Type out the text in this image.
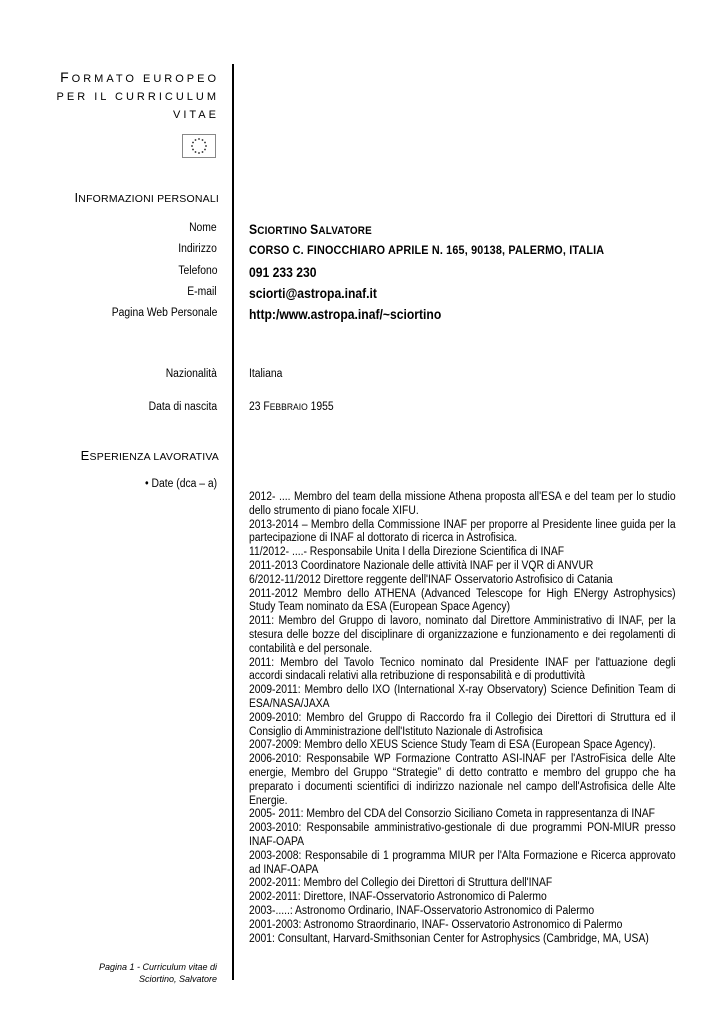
FORMATO EUROPEO
PER IL CURRICULUM
VITAE
INFORMAZIONI PERSONALI
Nome SCIORTINO SALVATORE
Indirizzo	CORSO C. FINOCCHIARO APRILE N. 165, 90138, PALERMO, ITALIA
Telefono 091 233 230
E-mail sciorti@astropa.inaf.it
Pagina Web Personale http:/www.astropa.inaf/~sciortino
Nazionalità	Italiana
Data di nascita	23 FEBBRAIO 1955
ESPERIENZA LAVORATIVA
• Date (dca – a)

2012- .... Membro del team della missione Athena proposta all'ESA e del team per lo studio dello strumento di piano focale XIFU.

2013-2014 – Membro della Commissione INAF per proporre al Presidente linee guida per la partecipazione di INAF al dottorato di ricerca in Astrofisica.

11/2012- ....- Responsabile Unita I della Direzione Scientifica di INAF

2011-2013 Coordinatore Nazionale delle attività INAF per il VQR di ANVUR

6/2012-11/2012 Direttore reggente dell'INAF Osservatorio Astrofisico di Catania

2011-2012 Membro dello ATHENA (Advanced Telescope for High ENergy Astrophysics) Study Team nominato da ESA (European Space Agency)

2011: Membro del Gruppo di lavoro, nominato dal Direttore Amministrativo di INAF, per la stesura delle bozze del disciplinare di organizzazione e funzionamento e dei regolamenti di contabilità e del personale.

2011: Membro del Tavolo Tecnico nominato dal Presidente INAF per l'attuazione degli accordi sindacali relativi alla retribuzione di responsabilità e di produttività

2009-2011: Membro dello IXO (International X-ray Observatory) Science Definition Team di ESA/NASA/JAXA

2009-2010: Membro del Gruppo di Raccordo fra il Collegio dei Direttori di Struttura ed il Consiglio di Amministrazione dell'Istituto Nazionale di Astrofisica

2007-2009: Membro dello XEUS Science Study Team di ESA (European Space Agency).

2006-2010: Responsabile WP Formazione Contratto ASI-INAF per l'AstroFisica delle Alte energie, Membro del Gruppo “Strategie” di detto contratto e membro del gruppo che ha preparato i documenti scientifici di indirizzo nazionale nel campo dell'Astrofisica delle Alte Energie.

2005- 2011: Membro del CDA del Consorzio Siciliano Cometa in rappresentanza di INAF

2003-2010: Responsabile amministrativo-gestionale di due programmi PON-MIUR presso INAF-OAPA

2003-2008: Responsabile di 1 programma MIUR per l'Alta Formazione e Ricerca approvato ad INAF-OAPA

2002-2011: Membro del Collegio dei Direttori di Struttura dell'INAF

2002-2011: Direttore, INAF-Osservatorio Astronomico di Palermo

2003-.....: Astronomo Ordinario, INAF-Osservatorio Astronomico di Palermo

2001-2003: Astronomo Straordinario, INAF- Osservatorio Astronomico di Palermo

2001: Consultant, Harvard-Smithsonian Center for Astrophysics (Cambridge, MA, USA)

Pagina 1 - Curriculum vitae di
Sciortino, Salvatore
